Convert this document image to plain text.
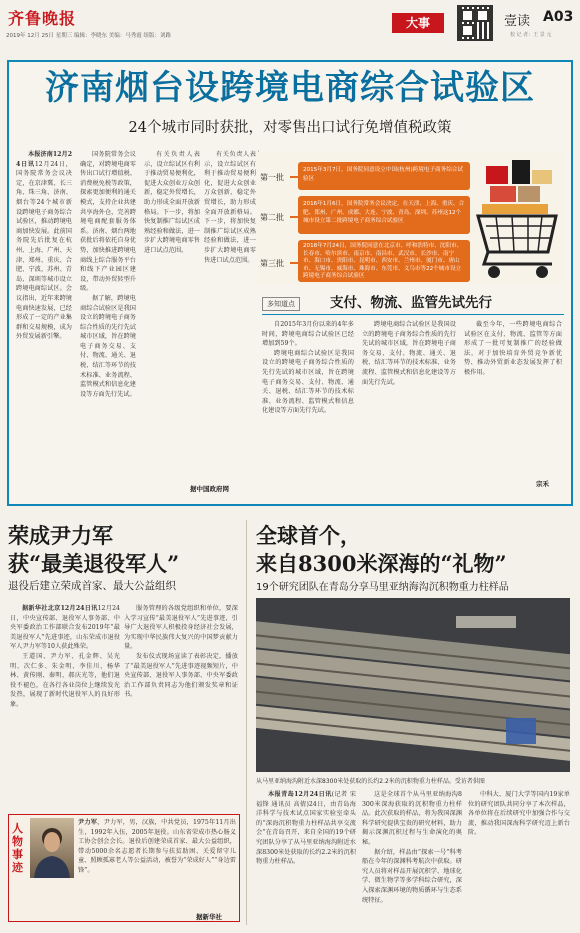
齐鲁晚报
2019年 12月 25日 星期三 编辑：李晓东 美编：马秀霞 组版：刘路
大事	壹读 A03
校 记 者：王 景 元
济南烟台设跨境电商综合试验区
24个城市同时获批，对零售出口试行免增值税政策

本报济南12月24日讯12月24日，国务院常务会议决定，在京津冀、长三角、珠三角、济南、烟台等24个城市新设跨境电子商务综合试验区，推动跨境电商加快发展。此前国务院先后批复在杭州、上海、广州、天津、郑州、重庆、合肥、宁波、苏州、青岛、深圳等城市设立跨境电商综试区。会议指出，近年来跨境电商快速发展，已经形成了一定的产业集群和交易规模，成为外贸发展新引擎。

国务院常务会议确定，对跨境电商零售出口试行增值税、消费税免税等政策，探索更加便利的通关模式，支持企业共建共享海外仓，完善跨境电商配套服务体系。济南、烟台两地获批后将依托自身优势，加快推进跨境电商线上综合服务平台和线下产业园区建设，带动外贸转型升级。

据了解，跨境电商综合试验区是我国设立的跨境电子商务综合性质的先行先试城市区域，旨在跨境电子商务交易、支付、物流、通关、退税、结汇等环节的技术标准、业务流程、监管模式和信息化建设等方面先行先试。

有关负责人表示，设立综试区有利于推动贸易便利化，促进大众创业万众创新，稳定外贸增长，助力形成全面开放新格局。下一步，将加快复制推广综试区成熟经验和做法，进一步扩大跨境电商零售进口试点范围。

有关负责人表示，设立综试区有利于推动贸易便利化，促进大众创业万众创新，稳定外贸增长，助力形成全面开放新格局。下一步，将加快复制推广综试区成熟经验和做法，进一步扩大跨境电商零售进口试点范围。

据中国政府网
第一批
2015年3月7日，国务院同意设立中国(杭州)跨境电子商务综合试验区
第二批
2016年1月6日，国务院常务会议决定，在天津、上海、重庆、合肥、郑州、广州、成都、大连、宁波、青岛、深圳、苏州这12个城市设立第二批跨境电子商务综合试验区
第三批
2018年7月24日，国务院同意在北京市、呼和浩特市、沈阳市、长春市、哈尔滨市、南京市、南昌市、武汉市、长沙市、南宁市、海口市、贵阳市、昆明市、西安市、兰州市、厦门市、唐山市、无锡市、威海市、珠海市、东莞市、义乌市等22个城市设立跨境电子商务综合试验区
多知道点	支付、物流、监管先试先行

自2015年3月份以来的4年多时间，跨境电商综合试验区已经增加到59个。

跨境电商综合试验区是我国设立的跨境电子商务综合性质的先行先试的城市区域，旨在跨境电子商务交易、支付、物流、通关、退税、结汇等环节的技术标准、业务流程、监管模式和信息化建设等方面先行先试。

跨境电商综合试验区是我国设立的跨境电子商务综合性质的先行先试的城市区域，旨在跨境电子商务交易、支付、物流、通关、退税、结汇等环节的技术标准、业务流程、监管模式和信息化建设等方面先行先试。

截至今年，一些跨境电商综合试验区在支付、物流、监管等方面形成了一批可复制推广的经验做法，对于加快培育外贸竞争新优势、推动外贸新业态发展发挥了积极作用。

宗禾
荣成尹力军
获“最美退役军人”
退役后建立荣成首家、最大公益组织

据新华社北京12月24日讯12月24日，中央宣传部、退役军人事务部、中央军委政治工作部联合发布2019年“最美退役军人”先进事迹，山东荣成市退役军人尹力军等10人获此殊荣。

王道国、尹力军、孔金辉、吴光明、次仁多、朱金明、李佳川、杨华林、黄传刚、秦明、郝庆光等，他们退役不褪色，在各行各业岗位上继续发光发热，展现了新时代退役军人的良好形象。

服务管理的各级党组织和单位，要深入学习宣传“最美退役军人”先进事迹，引导广大退役军人积极投身经济社会发展，为实现中华民族伟大复兴的中国梦贡献力量。

发布仪式现场宣读了表彰决定，播放了“最美退役军人”先进事迹视频短片，中央宣传部、退役军人事务部、中央军委政治工作部负责同志为他们颁发奖章和证书。

人物事迹

尹力军，尹力军，男，汉族，中共党员，1975年11月出生，1992年入伍，2005年退役。山东省荣成市热心肠义工协会创会会长。退役后创建荣成首家、最大公益组织，带动5000余名志愿者长期参与扶贫助困、关爱留守儿童、照顾孤寡老人等公益活动，被誉为“荣成好人”“身边雷锋”。

据新华社
全球首个，
来自8300米深海的“礼物”
19个研究团队在青岛分享马里亚纳海沟沉积物重力柱样品
从马里亚纳海沟附近水深8300米处获取的长约2.2米的沉积物重力柱样品。受访者供图

本报青岛12月24日讯(记者 宋福锋 通讯员 高倩)24日，由青岛海洋科学与技术试点国家实验室牵头的“深海沉积物重力柱样品共享交流会”在青岛召开，来自全国的19个研究团队分享了从马里亚纳海沟附近水深8300米处获取的长约2.2米的沉积物重力柱样品。

这是全球首个从马里亚纳海沟8300米深海获取的沉积物重力柱样品。此次获取的样品，将为我国深渊科学研究提供宝贵的研究材料，助力揭示深渊沉积过程与生命演化的奥秘。

据介绍，样品由“探索一号”科考船在今年的深渊科考航次中获取。研究人员将对样品开展沉积学、地球化学、微生物学等多学科综合研究，深入探索深渊环境的物质循环与生态系统特征。

中科大、厦门大学等国内19家单位的研究团队共同分享了本次样品，各单位将在后续研究中加强合作与交流，推动我国深海科学研究迈上新台阶。
